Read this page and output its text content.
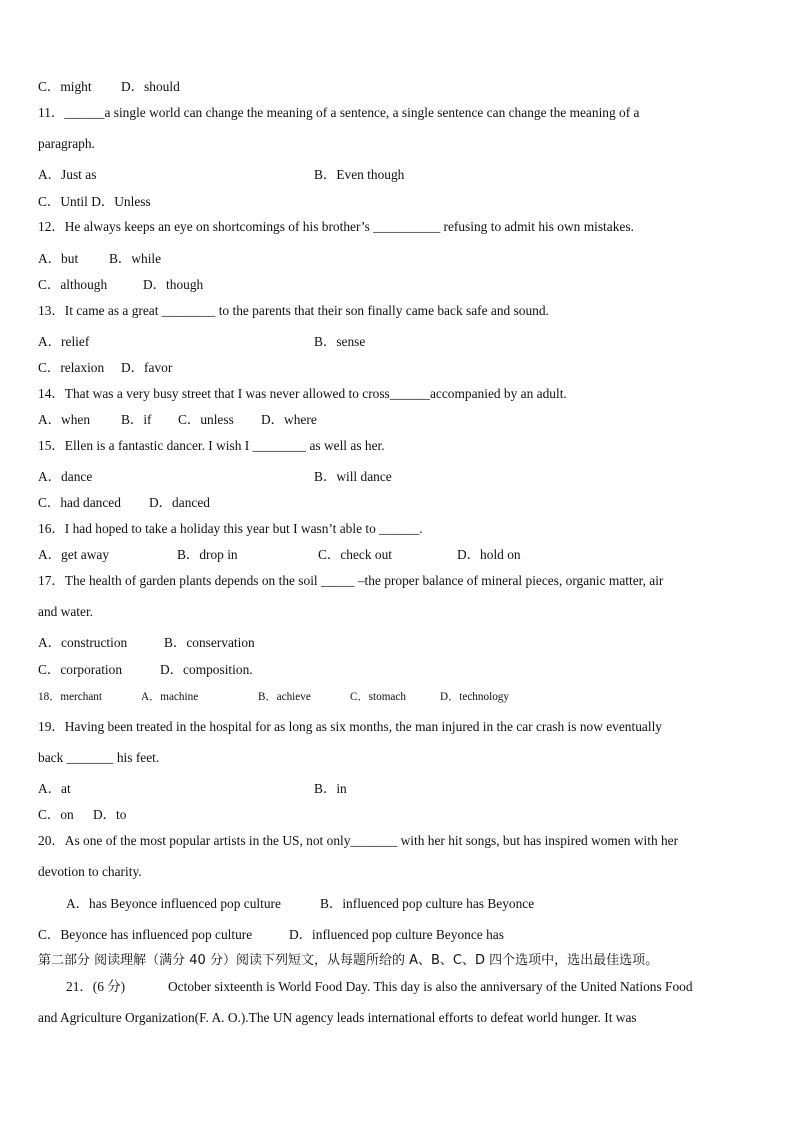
C．might D．should
11．______a single world can change the meaning of a sentence, a single sentence can change the meaning of a
paragraph.
A．Just as	B．Even though
C．Until D．Unless
12．He always keeps an eye on shortcomings of his brother’s __________ refusing to admit his own mistakes.
A．but B．while
C．although	D．though
13．It came as a great ________ to the parents that their son finally came back safe and sound.
A．relief	B．sense
C．relaxion D．favor
14．That was a very busy street that I was never allowed to cross______accompanied by an adult.
A．when B．if C．unless D．where
15．Ellen is a fantastic dancer. I wish I ________ as well as her.
A．dance	B．will dance
C．had danced D．danced
16．I had hoped to take a holiday this year but I wasn’t able to ______.
A．get away	B．drop in	C．check out	D．hold on
17．The health of garden plants depends on the soil _____ –the proper balance of mineral pieces, organic matter, air
and water.
A．construction	B．conservation
C．corporation	D．composition.
18．merchant	A．machine	B．achieve	C．stomach	D．technology
19．Having been treated in the hospital for as long as six months, the man injured in the car crash is now eventually
back _______ his feet.
A．at	B．in
C．on D．to
20．As one of the most popular artists in the US, not only_______ with her hit songs, but has inspired women with her
devotion to charity.
A．has Beyonce influenced pop culture	B．influenced pop culture has Beyonce
C．Beyonce has influenced pop culture	D．influenced pop culture Beyonce has
第二部分 阅读理解（满分 40 分）阅读下列短文，从每题所给的 A、B、C、D 四个选项中，选出最佳选项。
21．(6 分)	October sixteenth is World Food Day. This day is also the anniversary of the United Nations Food
and Agriculture Organization(F. A. O.).The UN agency leads international efforts to defeat world hunger. It was
